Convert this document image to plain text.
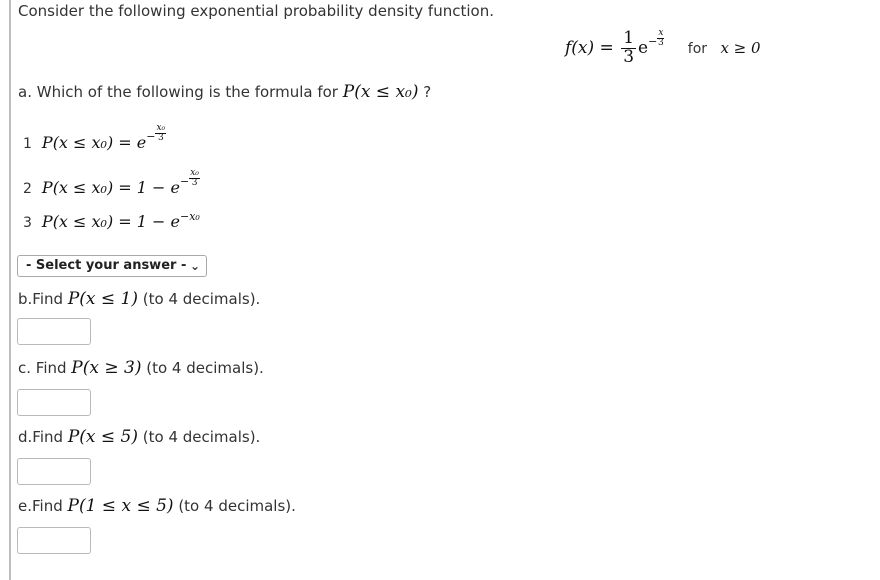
Consider the following exponential probability density function.
$f(x) = \frac{1}{3} e^{- \frac{x}{3}}$
for x ≥ 0
a. Which of the following is the formula for P(x ≤ x₀) ?
1 $P(x \le x_0) = e^{- \frac{\text{x₀}}{3}}$
2 $P(x \le x_0) = 1 - e^{- \frac{\text{x₀}}{3}}$
3 $P(x \le x_0) = 1 - e^{-x_0}$
- Select your answer - ⌄
b.Find P(x ≤ 1) (to 4 decimals).
c. Find P(x ≥ 3) (to 4 decimals).
d.Find P(x ≤ 5) (to 4 decimals).
e.Find P(1 ≤ x ≤ 5) (to 4 decimals).
